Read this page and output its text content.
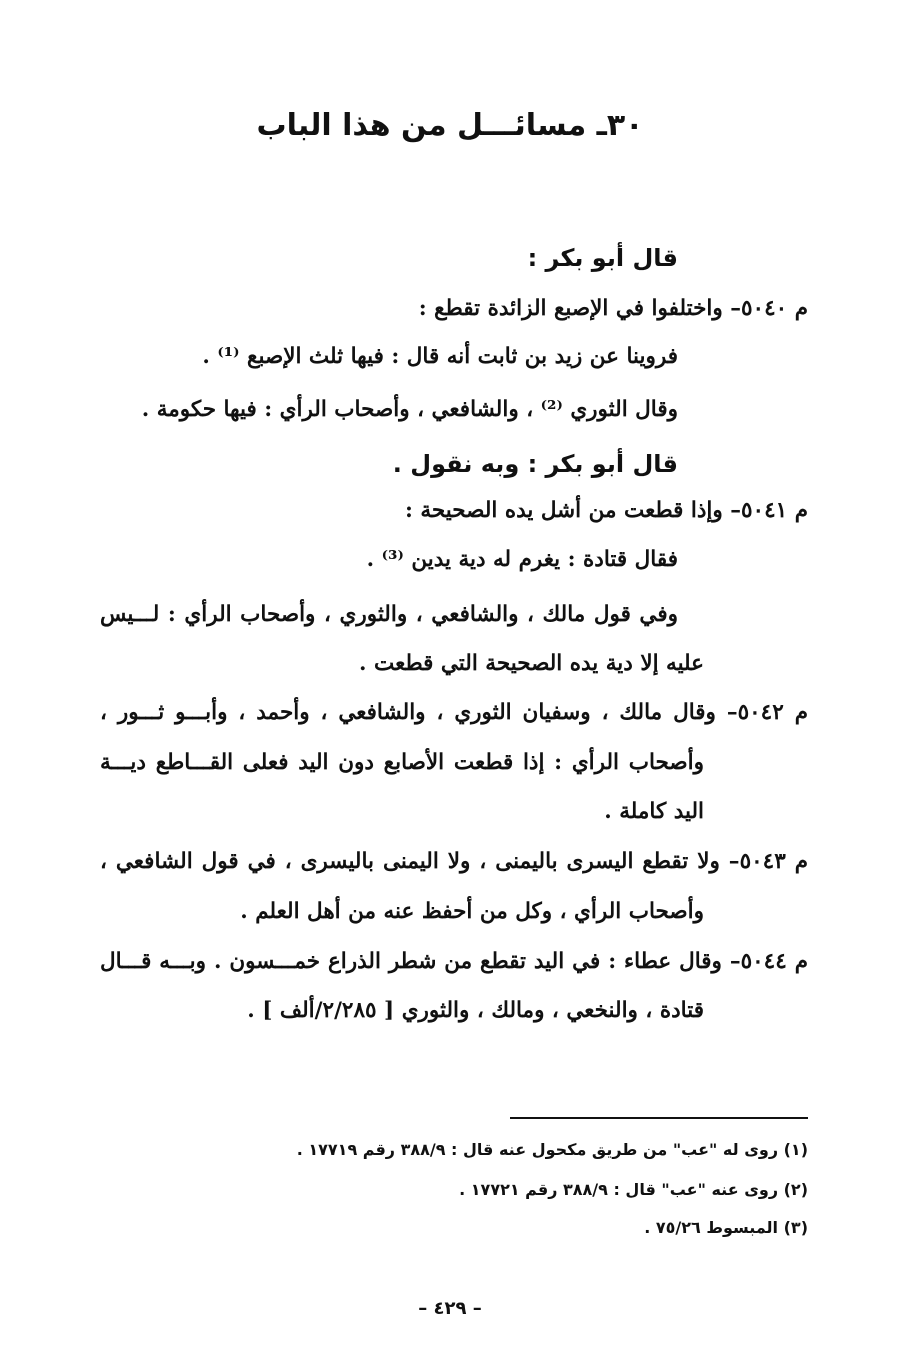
٣٠ـ مسائـــل من هذا الباب
قال أبو بكر :
م ٥٠٤٠– واختلفوا في الإصبع الزائدة تقطع :
فروينا عن زيد بن ثابت أنه قال : فيها ثلث الإصبع ⁽¹⁾ .
وقال الثوري ⁽²⁾ ، والشافعي ، وأصحاب الرأي : فيها حكومة .
قال أبو بكر : وبه نقول .
م ٥٠٤١– وإذا قطعت من أشل يده الصحيحة :
فقال قتادة : يغرم له دية يدين ⁽³⁾ .
وفي قول مالك ، والشافعي ، والثوري ، وأصحاب الرأي : لـــيس
عليه إلا دية يده الصحيحة التي قطعت .
م ٥٠٤٢– وقال مالك ، وسفيان الثوري ، والشافعي ، وأحمد ، وأبـــو ثـــور ،
وأصحاب الرأي : إذا قطعت الأصابع دون اليد فعلى القـــاطع ديـــة
اليد كاملة .
م ٥٠٤٣– ولا تقطع اليسرى باليمنى ، ولا اليمنى باليسرى ، في قول الشافعي ،
وأصحاب الرأي ، وكل من أحفظ عنه من أهل العلم .
م ٥٠٤٤– وقال عطاء : في اليد تقطع من شطر الذراع خمـــسون . وبـــه قـــال
قتادة ، والنخعي ، ومالك ، والثوري [ ٢/٢٨٥/ألف ] .
(١) روى له "عب" من طريق مكحول عنه قال : ٣٨٨/٩ رقم ١٧٧١٩ .
(٢) روى عنه "عب" قال : ٣٨٨/٩ رقم ١٧٧٢١ .
(٣) المبسوط ٧٥/٢٦ .
– ٤٢٩ –
